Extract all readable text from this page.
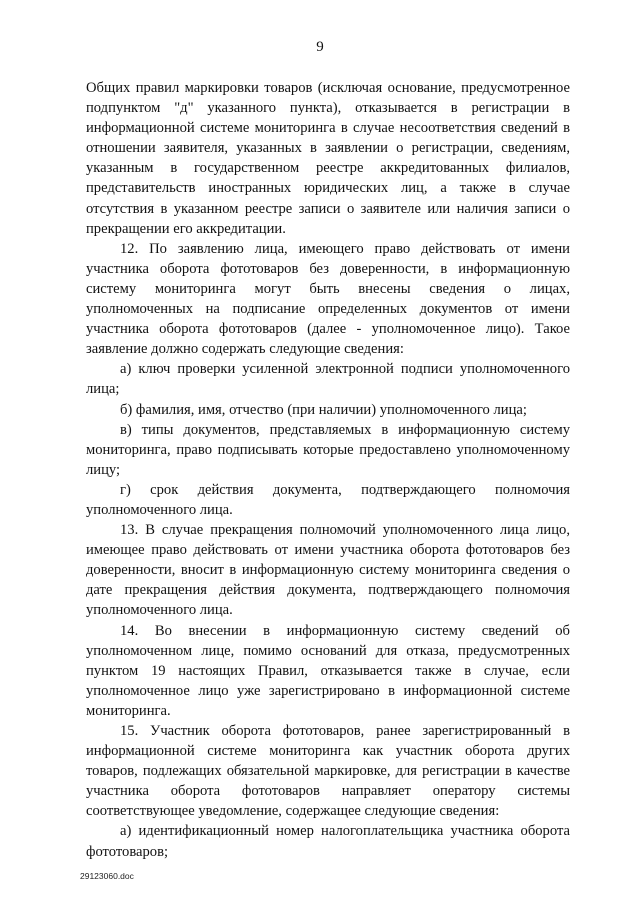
9

Общих правил маркировки товаров (исключая основание, предусмотренное подпунктом "д" указанного пункта), отказывается в регистрации в информационной системе мониторинга в случае несоответствия сведений в отношении заявителя, указанных в заявлении о регистрации, сведениям, указанным в государственном реестре аккредитованных филиалов, представительств иностранных юридических лиц, а также в случае отсутствия в указанном реестре записи о заявителе или наличия записи о прекращении его аккредитации.

12. По заявлению лица, имеющего право действовать от имени участника оборота фототоваров без доверенности, в информационную систему мониторинга могут быть внесены сведения о лицах, уполномоченных на подписание определенных документов от имени участника оборота фототоваров (далее - уполномоченное лицо). Такое заявление должно содержать следующие сведения:

а) ключ проверки усиленной электронной подписи уполномоченного лица;

б) фамилия, имя, отчество (при наличии) уполномоченного лица;

в) типы документов, представляемых в информационную систему мониторинга, право подписывать которые предоставлено уполномоченному лицу;

г) срок действия документа, подтверждающего полномочия уполномоченного лица.

13. В случае прекращения полномочий уполномоченного лица лицо, имеющее право действовать от имени участника оборота фототоваров без доверенности, вносит в информационную систему мониторинга сведения о дате прекращения действия документа, подтверждающего полномочия уполномоченного лица.

14. Во внесении в информационную систему сведений об уполномоченном лице, помимо оснований для отказа, предусмотренных пунктом 19 настоящих Правил, отказывается также в случае, если уполномоченное лицо уже зарегистрировано в информационной системе мониторинга.

15. Участник оборота фототоваров, ранее зарегистрированный в информационной системе мониторинга как участник оборота других товаров, подлежащих обязательной маркировке, для регистрации в качестве участника оборота фототоваров направляет оператору системы соответствующее уведомление, содержащее следующие сведения:

а) идентификационный номер налогоплательщика участника оборота фототоваров;

29123060.doc
